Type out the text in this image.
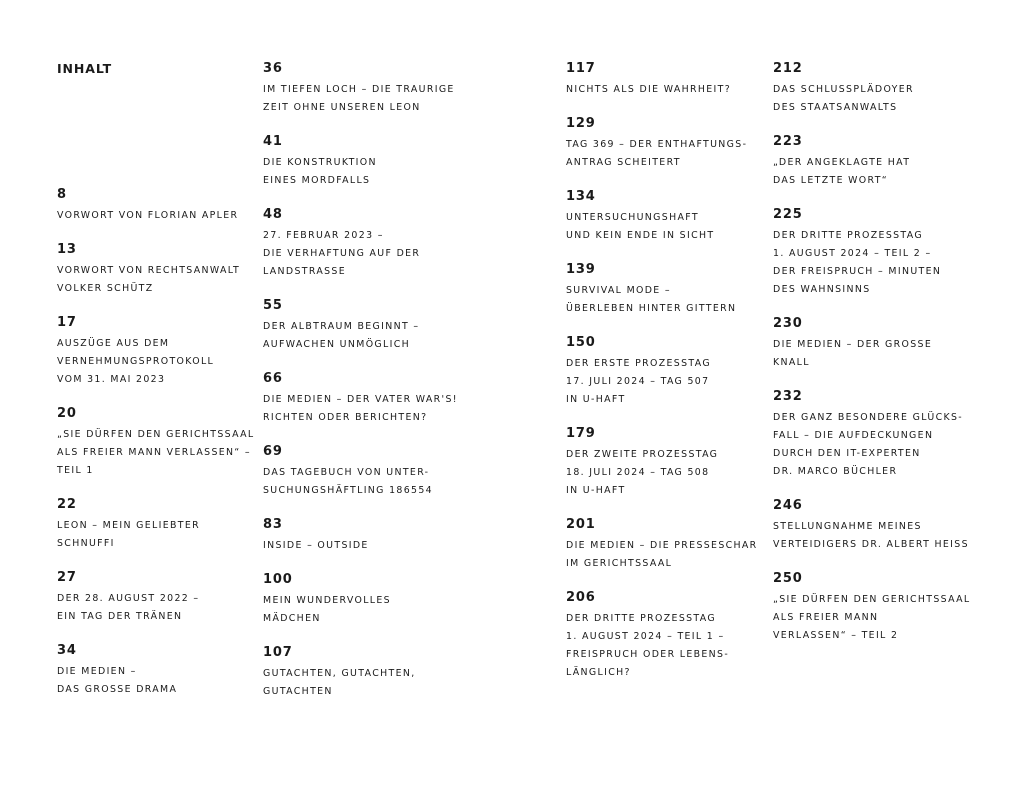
INHALT
8
VORWORT VON FLORIAN APLER
13
VORWORT VON RECHTSANWALT
VOLKER SCHÜTZ
17
AUSZÜGE AUS DEM
VERNEHMUNGSPROTOKOLL
VOM 31. MAI 2023
20
„SIE DÜRFEN DEN GERICHTSSAAL
ALS FREIER MANN VERLASSEN“ –
TEIL 1
22
LEON – MEIN GELIEBTER
SCHNUFFI
27
DER 28. AUGUST 2022 –
EIN TAG DER TRÄNEN
34
DIE MEDIEN –
DAS GROSSE DRAMA
36
IM TIEFEN LOCH – DIE TRAURIGE
ZEIT OHNE UNSEREN LEON
41
DIE KONSTRUKTION
EINES MORDFALLS
48
27. FEBRUAR 2023 –
DIE VERHAFTUNG AUF DER
LANDSTRASSE
55
DER ALBTRAUM BEGINNT –
AUFWACHEN UNMÖGLICH
66
DIE MEDIEN – DER VATER WAR'S!
RICHTEN ODER BERICHTEN?
69
DAS TAGEBUCH VON UNTER-
SUCHUNGSHÄFTLING 186554
83
INSIDE – OUTSIDE
100
MEIN WUNDERVOLLES
MÄDCHEN
107
GUTACHTEN, GUTACHTEN,
GUTACHTEN
117
NICHTS ALS DIE WAHRHEIT?
129
TAG 369 – DER ENTHAFTUNGS-
ANTRAG SCHEITERT
134
UNTERSUCHUNGSHAFT
UND KEIN ENDE IN SICHT
139
SURVIVAL MODE –
ÜBERLEBEN HINTER GITTERN
150
DER ERSTE PROZESSTAG
17. JULI 2024 – TAG 507
IN U-HAFT
179
DER ZWEITE PROZESSTAG
18. JULI 2024 – TAG 508
IN U-HAFT
201
DIE MEDIEN – DIE PRESSESCHAR
IM GERICHTSSAAL
206
DER DRITTE PROZESSTAG
1. AUGUST 2024 – TEIL 1 –
FREISPRUCH ODER LEBENS-
LÄNGLICH?
212
DAS SCHLUSSPLÄDOYER
DES STAATSANWALTS
223
„DER ANGEKLAGTE HAT
DAS LETZTE WORT“
225
DER DRITTE PROZESSTAG
1. AUGUST 2024 – TEIL 2 –
DER FREISPRUCH – MINUTEN
DES WAHNSINNS
230
DIE MEDIEN – DER GROSSE
KNALL
232
DER GANZ BESONDERE GLÜCKS-
FALL – DIE AUFDECKUNGEN
DURCH DEN IT-EXPERTEN
DR. MARCO BÜCHLER
246
STELLUNGNAHME MEINES
VERTEIDIGERS DR. ALBERT HEISS
250
„SIE DÜRFEN DEN GERICHTSSAAL
ALS FREIER MANN
VERLASSEN“ – TEIL 2
